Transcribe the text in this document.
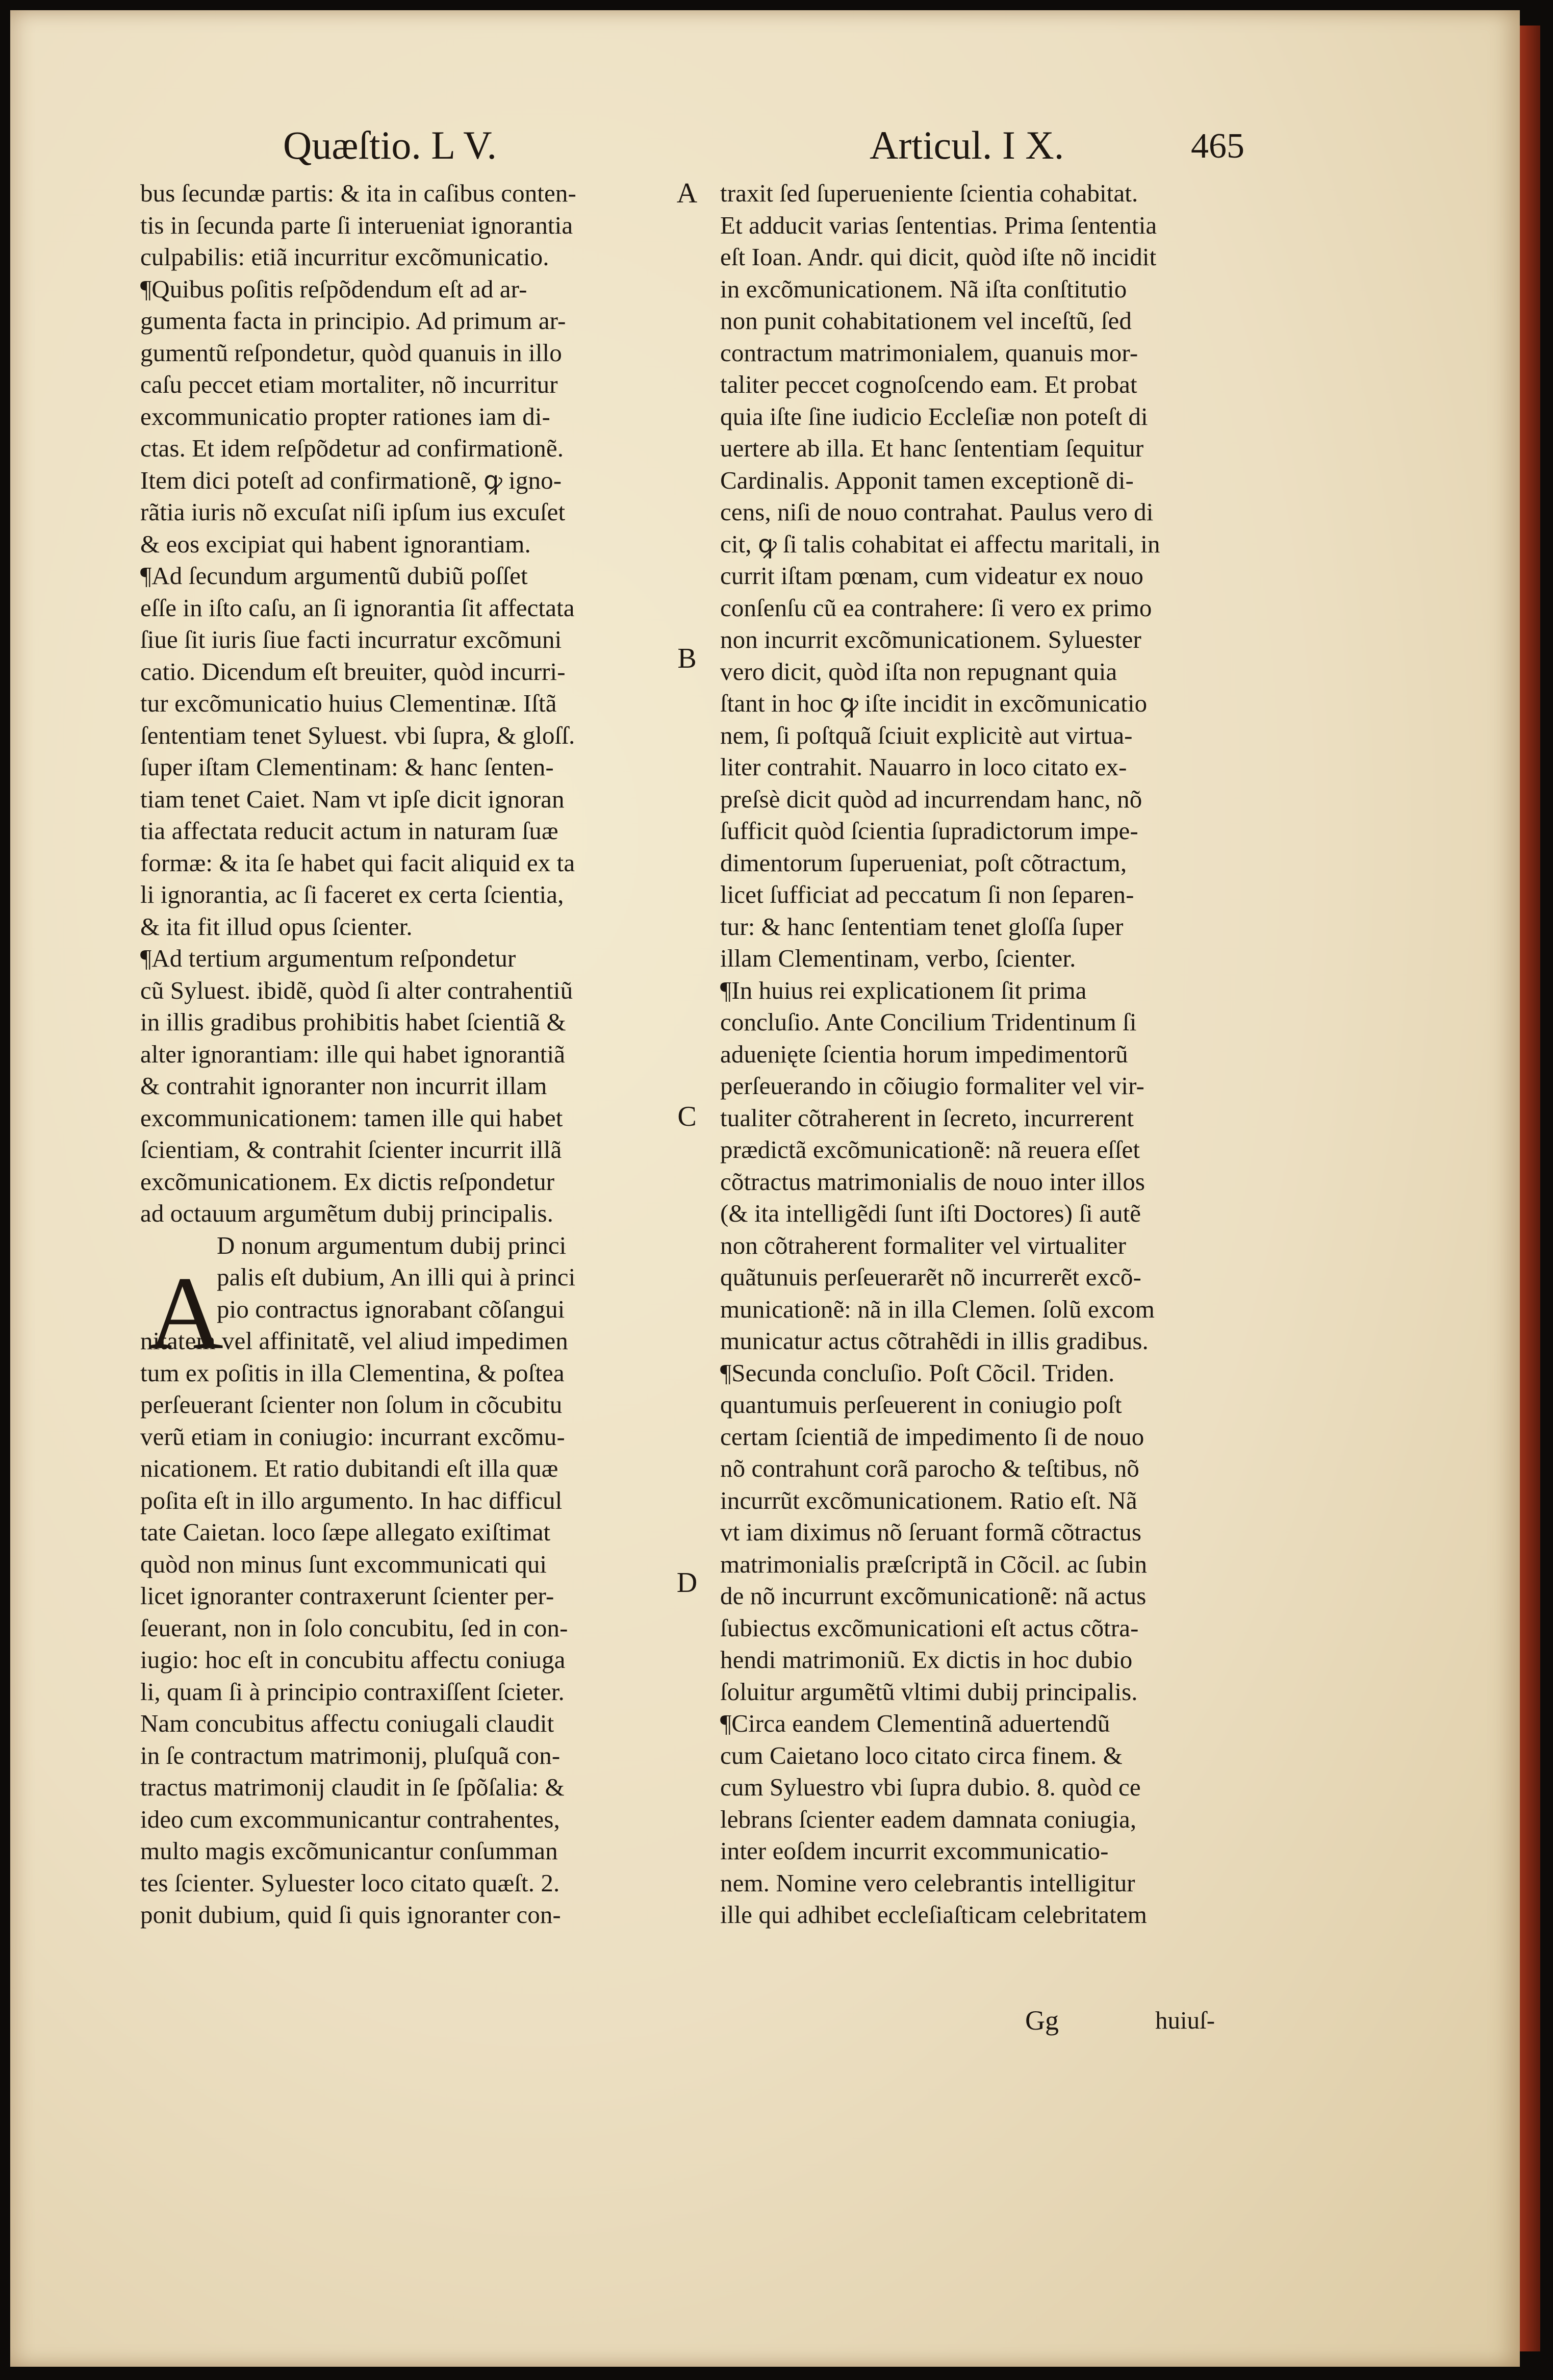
Quæſtio. L V.	Articul. I X.	465
bus ſecundæ partis: & ita in caſibus conten-
tis in ſecunda parte ſi interueniat ignorantia
culpabilis: etiã incurritur excõmunicatio.
¶Quibus poſitis reſpõdendum eſt ad ar-
gumenta facta in principio. Ad primum ar-
gumentũ reſpondetur, quòd quanuis in illo
caſu peccet etiam mortaliter, nõ incurritur
excommunicatio propter rationes iam di-
ctas. Et idem reſpõdetur ad confirmationẽ.
Item dici poteſt ad confirmationẽ, ꝙ igno-
rãtia iuris nõ excuſat niſi ipſum ius excuſet
& eos excipiat qui habent ignorantiam.
¶Ad ſecundum argumentũ dubiũ poſſet
eſſe in iſto caſu, an ſi ignorantia ſit affectata
ſiue ſit iuris ſiue facti incurratur excõmuni
catio. Dicendum eſt breuiter, quòd incurri-
tur excõmunicatio huius Clementinæ. Iſtã
ſententiam tenet Syluest. vbi ſupra, & gloſſ.
ſuper iſtam Clementinam: & hanc ſenten-
tiam tenet Caiet. Nam vt ipſe dicit ignoran
tia affectata reducit actum in naturam ſuæ
formæ: & ita ſe habet qui facit aliquid ex ta
li ignorantia, ac ſi faceret ex certa ſcientia,
& ita fit illud opus ſcienter.
¶Ad tertium argumentum reſpondetur
cũ Syluest. ibidẽ, quòd ſi alter contrahentiũ
in illis gradibus prohibitis habet ſcientiã &
alter ignorantiam: ille qui habet ignorantiã
& contrahit ignoranter non incurrit illam
excommunicationem: tamen ille qui habet
ſcientiam, & contrahit ſcienter incurrit illã
excõmunicationem. Ex dictis reſpondetur
ad octauum argumẽtum dubij principalis.
D nonum argumentum dubij princi
palis eſt dubium, An illi qui à princi
pio contractus ignorabant cõſangui
nitatem vel affinitatẽ, vel aliud impedimen
tum ex poſitis in illa Clementina, & poſtea
perſeuerant ſcienter non ſolum in cõcubitu
verũ etiam in coniugio: incurrant excõmu-
nicationem. Et ratio dubitandi eſt illa quæ
poſita eſt in illo argumento. In hac difficul
tate Caietan. loco ſæpe allegato exiſtimat
quòd non minus ſunt excommunicati qui
licet ignoranter contraxerunt ſcienter per-
ſeuerant, non in ſolo concubitu, ſed in con-
iugio: hoc eſt in concubitu affectu coniuga
li, quam ſi à principio contraxiſſent ſcieter.
Nam concubitus affectu coniugali claudit
in ſe contractum matrimonij, pluſquã con-
tractus matrimonij claudit in ſe ſpõſalia: &
ideo cum excommunicantur contrahentes,
multo magis excõmunicantur conſumman
tes ſcienter. Syluester loco citato quæſt. 2.
ponit dubium, quid ſi quis ignoranter con-
traxit ſed ſuperueniente ſcientia cohabitat.
Et adducit varias ſententias. Prima ſententia
eſt Ioan. Andr. qui dicit, quòd iſte nõ incidit
in excõmunicationem. Nã iſta conſtitutio
non punit cohabitationem vel inceſtũ, ſed
contractum matrimonialem, quanuis mor-
taliter peccet cognoſcendo eam. Et probat
quia iſte ſine iudicio Eccleſiæ non poteſt di
uertere ab illa. Et hanc ſententiam ſequitur
Cardinalis. Apponit tamen exceptionẽ di-
cens, niſi de nouo contrahat. Paulus vero di
cit, ꝙ ſi talis cohabitat ei affectu maritali, in
currit iſtam pœnam, cum videatur ex nouo
conſenſu cũ ea contrahere: ſi vero ex primo
non incurrit excõmunicationem. Syluester
vero dicit, quòd iſta non repugnant quia
ſtant in hoc ꝙ iſte incidit in excõmunicatio
nem, ſi poſtquã ſciuit explicitè aut virtua-
liter contrahit. Nauarro in loco citato ex-
preſsè dicit quòd ad incurrendam hanc, nõ
ſufficit quòd ſcientia ſupradictorum impe-
dimentorum ſuperueniat, poſt cõtractum,
licet ſufficiat ad peccatum ſi non ſeparen-
tur: & hanc ſententiam tenet gloſſa ſuper
illam Clementinam, verbo, ſcienter.
¶In huius rei explicationem ſit prima
concluſio. Ante Concilium Tridentinum ſi
aduenięte ſcientia horum impedimentorũ
perſeuerando in cõiugio formaliter vel vir-
tualiter cõtraherent in ſecreto, incurrerent
prædictã excõmunicationẽ: nã reuera eſſet
cõtractus matrimonialis de nouo inter illos
(& ita intelligẽdi ſunt iſti Doctores) ſi autẽ
non cõtraherent formaliter vel virtualiter
quãtunuis perſeuerarẽt nõ incurrerẽt excõ-
municationẽ: nã in illa Clemen. ſolũ excom
municatur actus cõtrahẽdi in illis gradibus.
¶Secunda concluſio. Poſt Cõcil. Triden.
quantumuis perſeuerent in coniugio poſt
certam ſcientiã de impedimento ſi de nouo
nõ contrahunt corã parocho & teſtibus, nõ
incurrũt excõmunicationem. Ratio eſt. Nã
vt iam diximus nõ ſeruant formã cõtractus
matrimonialis præſcriptã in Cõcil. ac ſubin
de nõ incurrunt excõmunicationẽ: nã actus
ſubiectus excõmunicationi eſt actus cõtra-
hendi matrimoniũ. Ex dictis in hoc dubio
ſoluitur argumẽtũ vltimi dubij principalis.
¶Circa eandem Clementinã aduertendũ
cum Caietano loco citato circa finem. &
cum Syluestro vbi ſupra dubio. 8. quòd ce
lebrans ſcienter eadem damnata coniugia,
inter eoſdem incurrit excommunicatio-
nem. Nomine vero celebrantis intelligitur
ille qui adhibet eccleſiaſticam celebritatem
A
B
C
D
A
Gg	huiuſ-
